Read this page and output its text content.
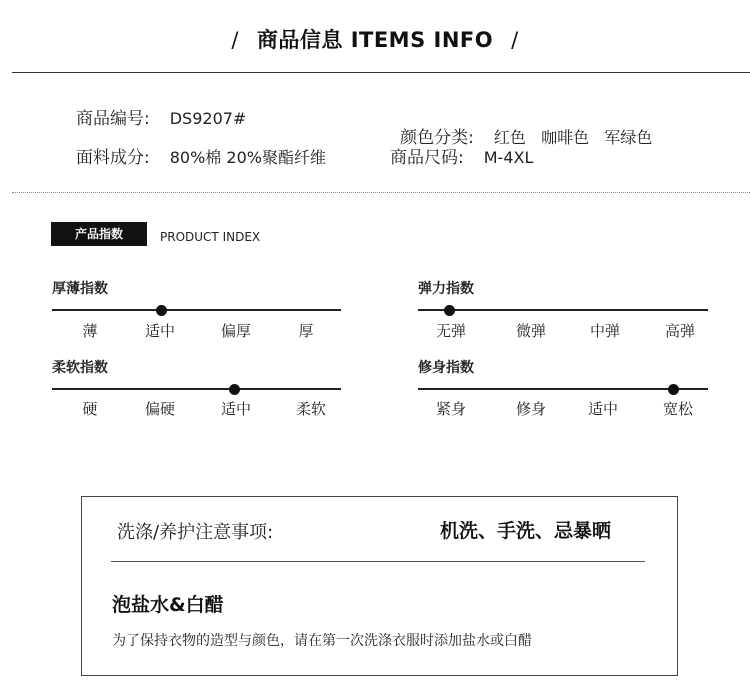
/ 商品信息 ITEMS INFO /
商品编号: DS9207#

颜色分类: 红色   咖啡色   军绿色

面料成分: 80%棉 20%聚酯纤维	商品尺码: M-4XL
产品指数	PRODUCT INDEX
厚薄指数
薄	适中	偏厚	厚
弹力指数
无弹	微弹	中弹	高弹
柔软指数
硬	偏硬	适中	柔软
修身指数
紧身	修身	适中	宽松
洗涤/养护注意事项:	机洗、手洗、忌暴晒
泡盐水&白醋
为了保持衣物的造型与颜色，请在第一次洗涤衣服时添加盐水或白醋
